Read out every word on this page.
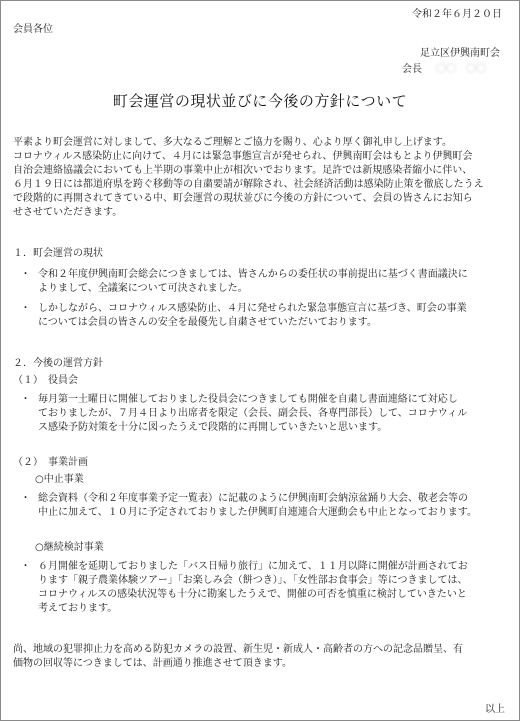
令和２年６月２０日
会員各位
足立区伊興南町会
会長 〇〇　〇〇
町会運営の現状並びに今後の方針について

平素より町会運営に対しまして、多大なるご理解とご協力を賜り、心より厚く御礼申し上げます。

コロナウィルス感染防止に向けて、４月には緊急事態宣言が発せられ、伊興南町会はもとより伊興町会

自治会連絡協議会においても上半期の事業中止が相次いでおります。足許では新規感染者縮小に伴い、

６月１９日には都道府県を跨ぐ移動等の自粛要請が解除され、社会経済活動は感染防止策を徹底したうえ

で段階的に再開されてきている中、町会運営の現状並びに今後の方針について、会員の皆さんにお知ら

せさせていただきます。

１．町会運営の現状

・ 令和２年度伊興南町会総会につきましては、皆さんからの委任状の事前提出に基づく書面議決に

よりまして、全議案について可決されました。

・ しかしながら、コロナウィルス感染防止、４月に発せられた緊急事態宣言に基づき、町会の事業

については会員の皆さんの安全を最優先し自粛させていただいております。

２．今後の運営方針

（１）　役員会

・ 毎月第一土曜日に開催しておりました役員会につきましても開催を自粛し書面連絡にて対応し

ておりましたが、７月４日より出席者を限定（会長、副会長、各専門部長）して、コロナウィル

ス感染予防対策を十分に図ったうえで段階的に再開していきたいと思います。

（２）　事業計画

○中止事業

・ 総会資料（令和２年度事業予定一覧表）に記載のように伊興南町会納涼盆踊り大会、敬老会等の

中止に加えて、１０月に予定されておりました伊興町自連連合大運動会も中止となっております。

○継続検討事業

・ ６月開催を延期しておりました「バス日帰り旅行」に加えて、１１月以降に開催が計画されてお

ります「親子農業体験ツアー」「お楽しみ会（餅つき）」、「女性部お食事会」等につきましては、

コロナウィルスの感染状況等も十分に勘案したうえで、開催の可否を慎重に検討していきたいと

考えております。

尚、地域の犯罪抑止力を高める防犯カメラの設置、新生児・新成人・高齢者の方への記念品贈呈、有

価物の回収等につきましては、計画通り推進させて頂きます。

以上
